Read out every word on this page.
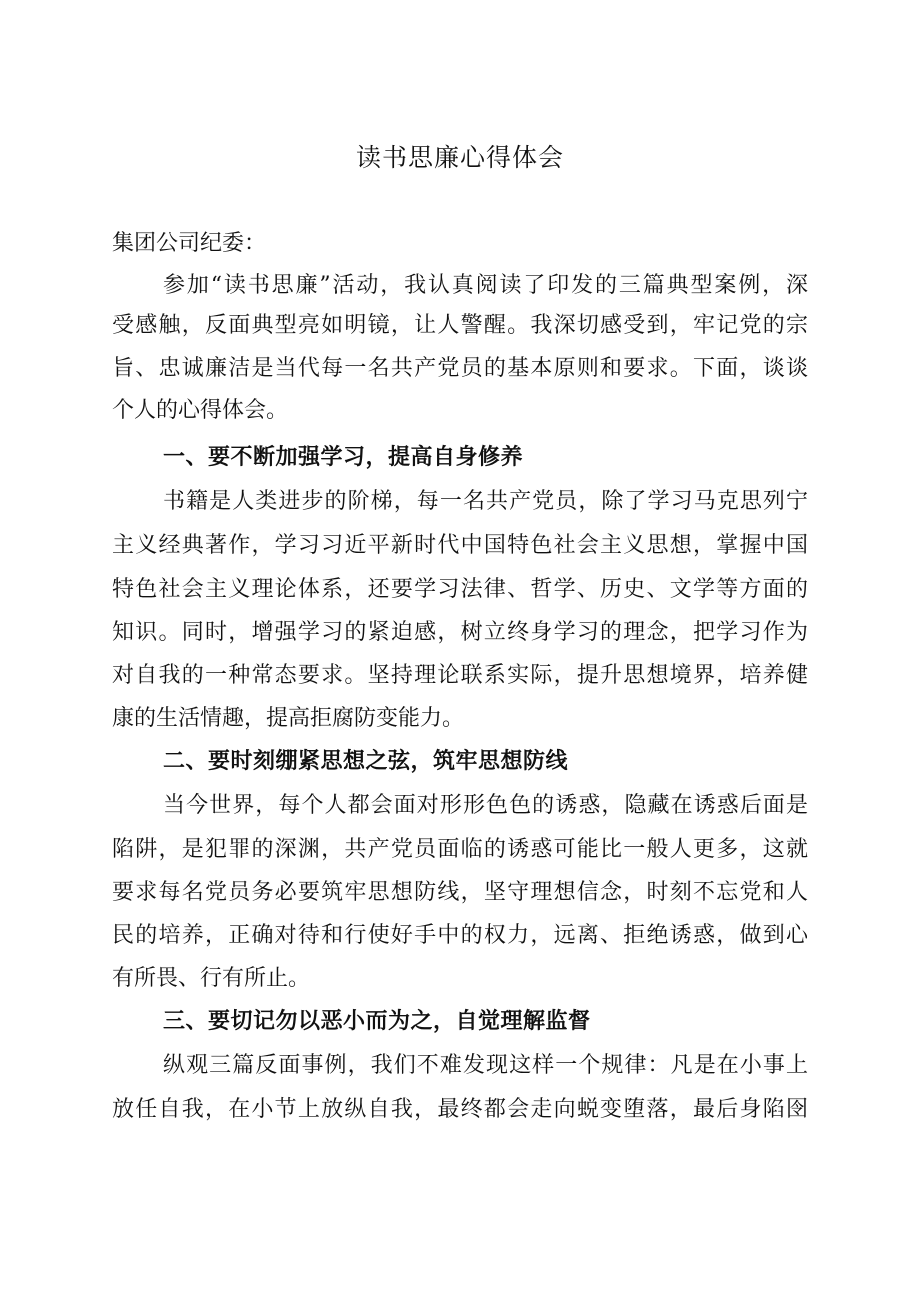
读书思廉心得体会
集团公司纪委：
参加“读书思廉”活动，我认真阅读了印发的三篇典型案例，深
受感触，反面典型亮如明镜，让人警醒。我深切感受到，牢记党的宗
旨、忠诚廉洁是当代每一名共产党员的基本原则和要求。下面，谈谈
个人的心得体会。
一、要不断加强学习，提高自身修养
书籍是人类进步的阶梯，每一名共产党员，除了学习马克思列宁
主义经典著作，学习习近平新时代中国特色社会主义思想，掌握中国
特色社会主义理论体系，还要学习法律、哲学、历史、文学等方面的
知识。同时，增强学习的紧迫感，树立终身学习的理念，把学习作为
对自我的一种常态要求。坚持理论联系实际，提升思想境界，培养健
康的生活情趣，提高拒腐防变能力。
二、要时刻绷紧思想之弦，筑牢思想防线
当今世界，每个人都会面对形形色色的诱惑，隐藏在诱惑后面是
陷阱，是犯罪的深渊，共产党员面临的诱惑可能比一般人更多，这就
要求每名党员务必要筑牢思想防线，坚守理想信念，时刻不忘党和人
民的培养，正确对待和行使好手中的权力，远离、拒绝诱惑，做到心
有所畏、行有所止。
三、要切记勿以恶小而为之，自觉理解监督
纵观三篇反面事例，我们不难发现这样一个规律：凡是在小事上
放任自我，在小节上放纵自我，最终都会走向蜕变堕落，最后身陷囹
